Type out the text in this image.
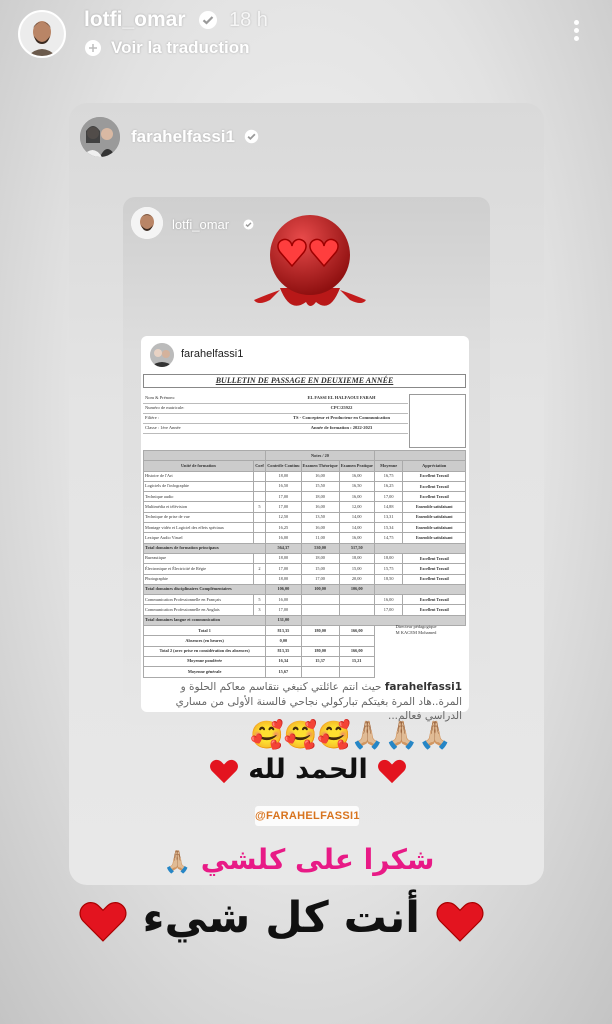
lotfi_omar 18 h
Voir la traduction
farahelfassi1
lotfi_omar
farahelfassi1
BULLETIN DE PASSAGE EN DEUXIEME ANNÉE
Nom & Prénom:	EL FASSI EL HALFAOUI FARAH
Numéro de matricule:	CPC/25922
Filière :	TS - Concepteur et Producteur en Communication
Classe : 1ère Année	Année de formation : 2022-2023
		Notes / 20				
Unité de formation	Coef	Contrôle Continu	Examen Théorique	Examen Pratique	Moyenne	Appréciation
Histoire de l'Art		18,00	16,00	16,00	16,75	Excellent Travail
Logiciels de l'infographie		16,50	15,50	16,50	16,25	Excellent Travail
Technique audio		17,00	18,00	16,00	17,00	Excellent Travail
Multimédia et télévision	5	17,00	16,00	12,00	14,88	Ensemble satisfaisant
Technique de prise de vue		12,50	13,50	14,00	13,31	Ensemble satisfaisant
Montage vidéo et Logiciel des effets spéciaux		16,25	16,00	14,00	15,34	Ensemble satisfaisant
Lexique Audio Visuel		16,00	11,00	16,00	14,75	Ensemble satisfaisant
Total domaines de formation principaux		564,37	530,00	517,50		
Bureautique		18,00	18,00	18,00	18,00	Excellent Travail
Électronique et Électricité de Régie	2	17,00	15,00	15,00	15,75	Excellent Travail
Photographie		18,00	17,00	20,00	18,50	Excellent Travail
Total domaines disciplinaires Complémentaires		106,00	100,00	106,00		
Communication Professionnelle en Français	5	16,00			16,00	Excellent Travail
Communication Professionnelle en Anglais	3	17,00			17,00	Excellent Travail
Total domaines langue et communication		131,00				
Total 1		813,35	180,00	166,00		
Absences (en heures)		0,00				
Total 2 (avec prise en considération des absences)		813,35	180,00	166,00		
Moyenne pondérée		16,34	15,37	15,21		
Moyenne générale		15,67				
Directeur pédagogique
M KACEM Mohamed
farahelfassi1 حيث انتم عائلتي كنبغي نتقاسم معاكم الحلوة و المرة..هاد المرة بغيتكم تباركولي نجاحي فالسنة الأولى من مساري الدراسي فعالم...
🥰🥰🥰🙏🏼🙏🏼🙏🏼
الحمد لله
@FARAHELFASSI1
شكرا على كلشي 🙏🏼
أنت كل شيء
